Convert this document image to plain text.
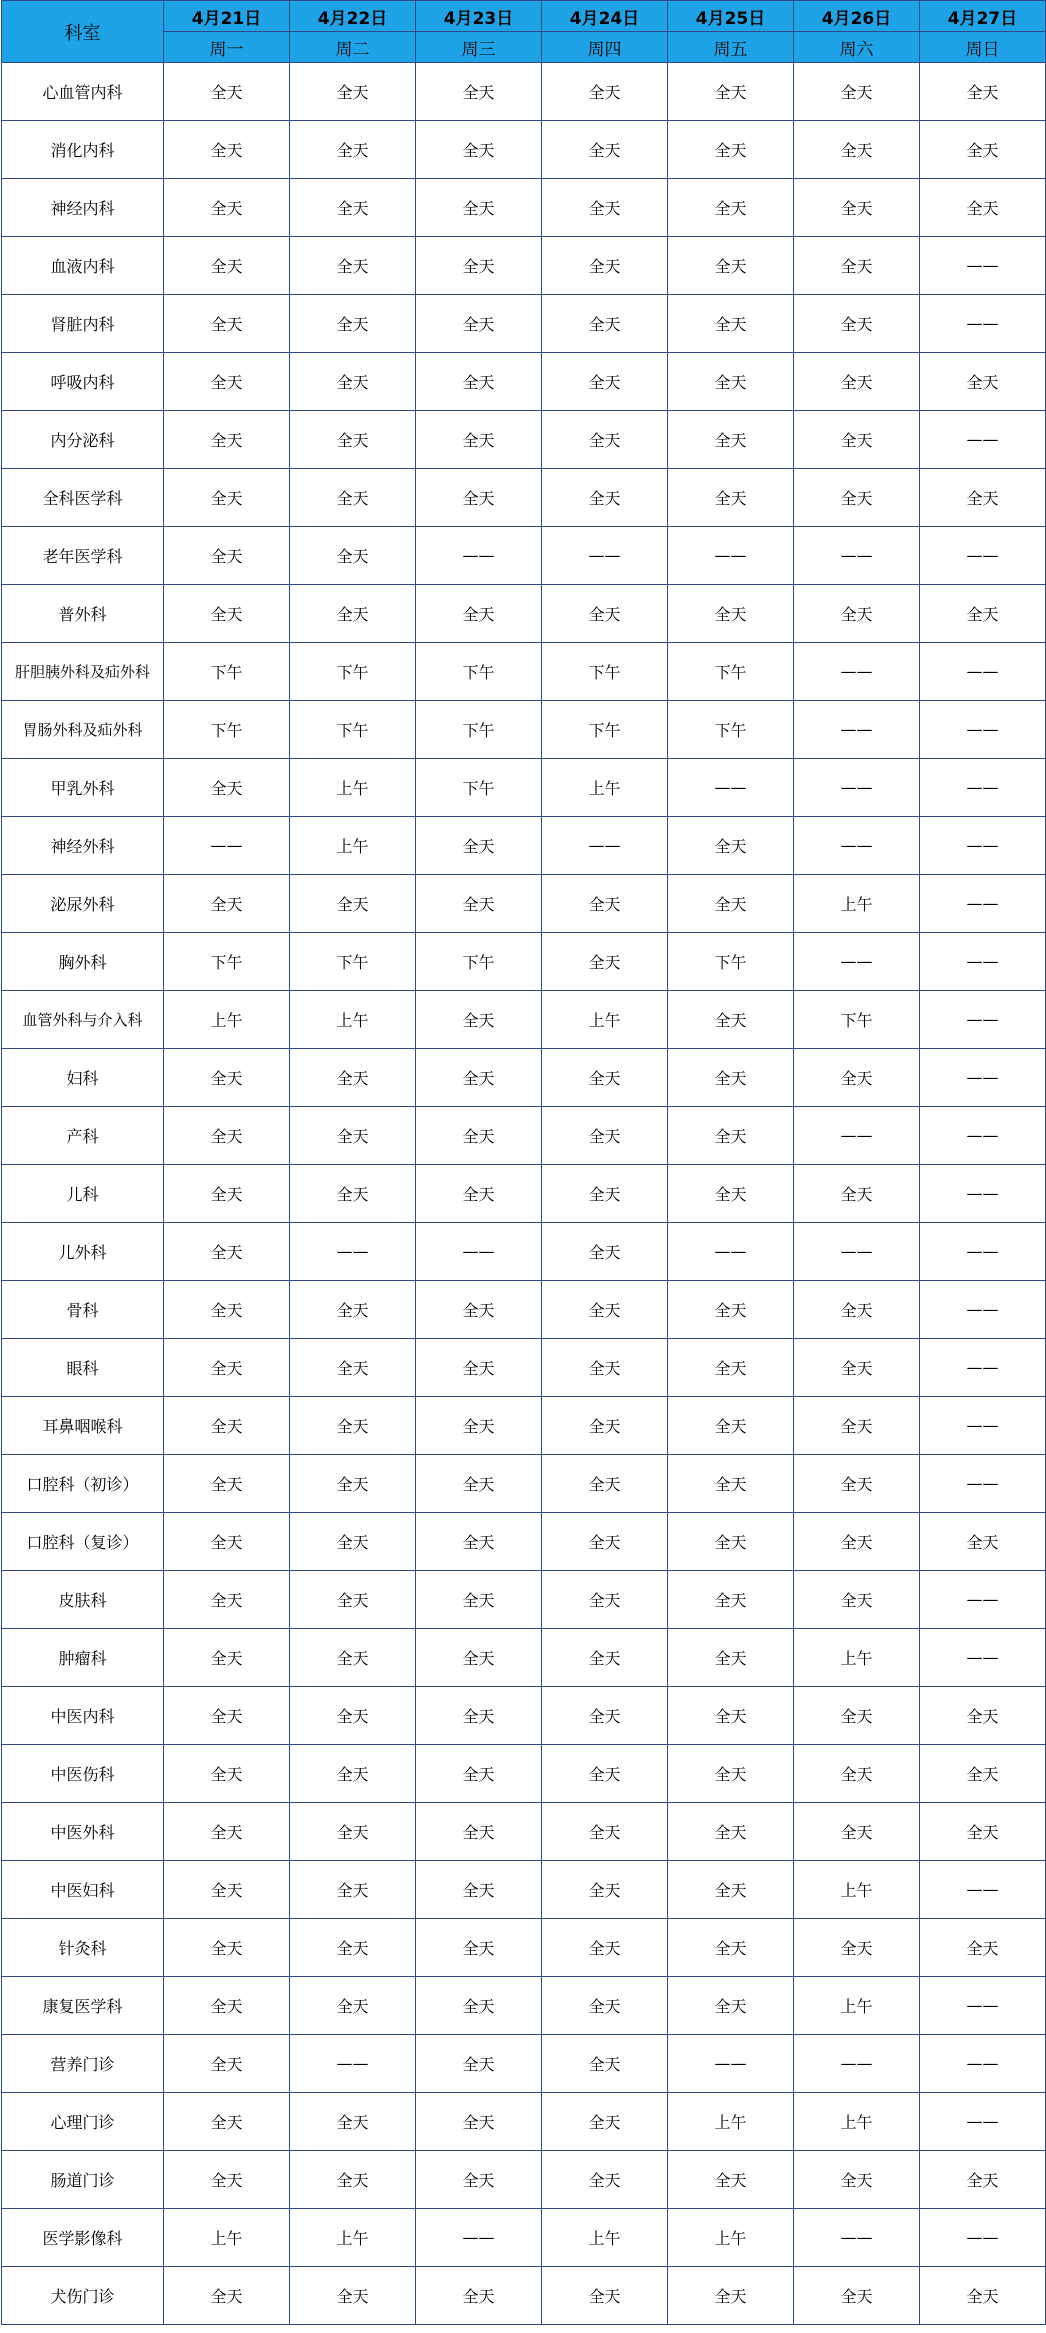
科室	4月21日	4月22日	4月23日	4月24日	4月25日	4月26日	4月27日
	周一	周二	周三	周四	周五	周六	周日
心血管内科	全天	全天	全天	全天	全天	全天	全天
消化内科	全天	全天	全天	全天	全天	全天	全天
神经内科	全天	全天	全天	全天	全天	全天	全天
血液内科	全天	全天	全天	全天	全天	全天	——
肾脏内科	全天	全天	全天	全天	全天	全天	——
呼吸内科	全天	全天	全天	全天	全天	全天	全天
内分泌科	全天	全天	全天	全天	全天	全天	——
全科医学科	全天	全天	全天	全天	全天	全天	全天
老年医学科	全天	全天	——	——	——	——	——
普外科	全天	全天	全天	全天	全天	全天	全天
肝胆胰外科及疝外科	下午	下午	下午	下午	下午	——	——
胃肠外科及疝外科	下午	下午	下午	下午	下午	——	——
甲乳外科	全天	上午	下午	上午	——	——	——
神经外科	——	上午	全天	——	全天	——	——
泌尿外科	全天	全天	全天	全天	全天	上午	——
胸外科	下午	下午	下午	全天	下午	——	——
血管外科与介入科	上午	上午	全天	上午	全天	下午	——
妇科	全天	全天	全天	全天	全天	全天	——
产科	全天	全天	全天	全天	全天	——	——
儿科	全天	全天	全天	全天	全天	全天	——
儿外科	全天	——	——	全天	——	——	——
骨科	全天	全天	全天	全天	全天	全天	——
眼科	全天	全天	全天	全天	全天	全天	——
耳鼻咽喉科	全天	全天	全天	全天	全天	全天	——
口腔科（初诊）	全天	全天	全天	全天	全天	全天	——
口腔科（复诊）	全天	全天	全天	全天	全天	全天	全天
皮肤科	全天	全天	全天	全天	全天	全天	——
肿瘤科	全天	全天	全天	全天	全天	上午	——
中医内科	全天	全天	全天	全天	全天	全天	全天
中医伤科	全天	全天	全天	全天	全天	全天	全天
中医外科	全天	全天	全天	全天	全天	全天	全天
中医妇科	全天	全天	全天	全天	全天	上午	——
针灸科	全天	全天	全天	全天	全天	全天	全天
康复医学科	全天	全天	全天	全天	全天	上午	——
营养门诊	全天	——	全天	全天	——	——	——
心理门诊	全天	全天	全天	全天	上午	上午	——
肠道门诊	全天	全天	全天	全天	全天	全天	全天
医学影像科	上午	上午	——	上午	上午	——	——
犬伤门诊	全天	全天	全天	全天	全天	全天	全天
